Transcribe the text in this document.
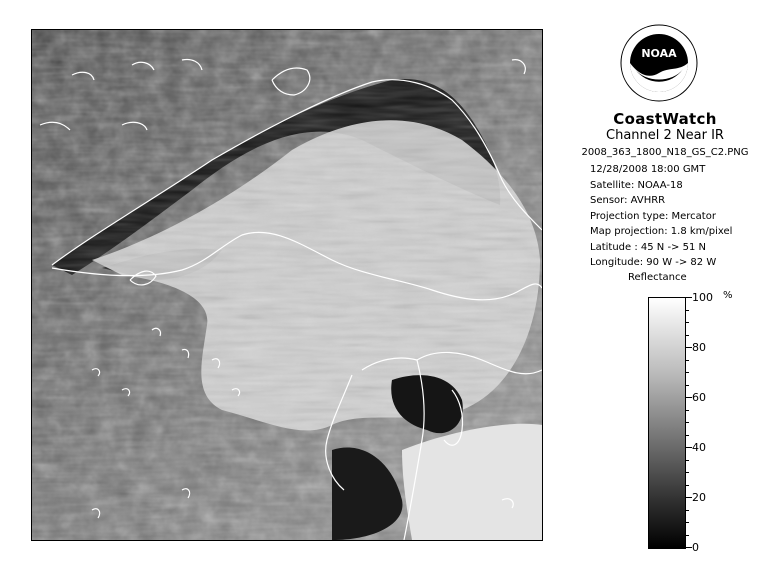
NOAA
CoastWatch
Channel 2 Near IR
2008_363_1800_N18_GS_C2.PNG
12/28/2008 18:00 GMT
Satellite: NOAA-18
Sensor: AVHRR
Projection type: Mercator
Map projection: 1.8 km/pixel
Latitude : 45 N -> 51 N
Longitude: 90 W -> 82 W
Reflectance
%
100
80
60
40
20
0
